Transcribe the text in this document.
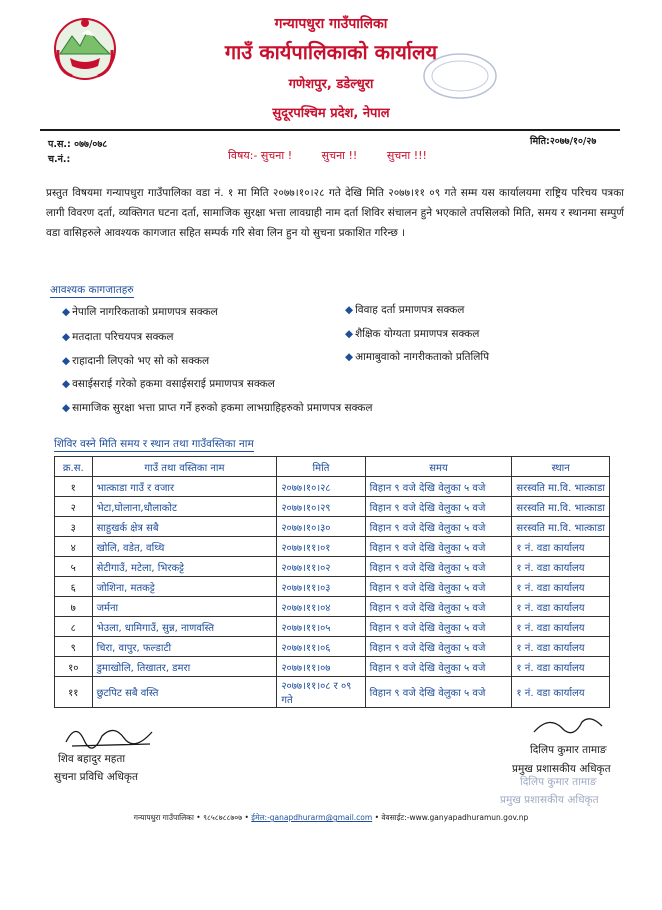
गन्यापधुरा गाउँपालिका
गाउँ कार्यपालिकाको कार्यालय
गणेशपुर, डडेल्धुरा
सुदूरपश्चिम प्रदेश, नेपाल
प.स.: ०७७/०७८
च.नं.:
मिति:२०७७/१०/२७
विषय:- सुचना !	सुचना !!	सुचना !!!
प्रस्तुत विषयमा गन्यापधुरा गाउँपालिका वडा नं. १ मा मिति २०७७।१०।२८ गते देखि मिति २०७७।११ ०९ गते सम्म यस कार्यालयमा राष्ट्रिय परिचय पत्रका लागी विवरण दर्ता, व्यक्तिगत घटना दर्ता, सामाजिक सुरक्षा भत्ता लावग्राही नाम दर्ता शिविर संचालन हुने भएकाले तपसिलको मिति, समय र स्थानमा सम्पुर्ण वडा वासिहरुले आवश्यक कागजात सहित सम्पर्क गरि सेवा लिन हुन यो सुचना प्रकाशित गरिन्छ ।
आवश्यक कागजातहरु
◆ नेपालि नागरिकताको प्रमाणपत्र सक्कल	◆ विवाह दर्ता प्रमाणपत्र सक्कल
◆ मतदाता परिचयपत्र सक्कल	◆ शैक्षिक योग्यता प्रमाणपत्र सक्कल
◆ राहादानी लिएको भए सो को सक्कल	◆ आमाबुवाको नागरीकताको प्रतिलिपि
◆ वसाईसराई गरेको हकमा वसाईसराई प्रमाणपत्र सक्कल
◆ सामाजिक सुरक्षा भत्ता प्राप्त गर्ने हरुको हकमा लाभग्राहिहरुको प्रमाणपत्र सक्कल
शिविर वस्ने मिति समय र स्थान तथा गाउँवस्तिका नाम
क्र.स.	गाउँ तथा वस्तिका नाम	मिति	समय	स्थान
१	भात्काडा गाउँ र वजार	२०७७।१०।२८	विहान ९ वजे देखि वेलुका ५ वजे	सरस्वति मा.वि. भात्काडा
२	भेटा,घोलाना,धौलाकोट	२०७७।१०।२९	विहान ९ वजे देखि वेलुका ५ वजे	सरस्वति मा.वि. भात्काडा
३	साहुखर्क क्षेत्र सबै	२०७७।१०।३०	विहान ९ वजे देखि वेलुका ५ वजे	सरस्वति मा.वि. भात्काडा
४	खोलि, वडेत, वथ्थि	२०७७।११।०१	विहान ९ वजे देखि वेलुका ५ वजे	१ नं. वडा कार्यालय
५	सेटीगाउँ, मटेला, भिरकट्टे	२०७७।११।०२	विहान ९ वजे देखि वेलुका ५ वजे	१ नं. वडा कार्यालय
६	जोशिना, मतकट्टे	२०७७।११।०३	विहान ९ वजे देखि वेलुका ५ वजे	१ नं. वडा कार्यालय
७	जर्मना	२०७७।११।०४	विहान ९ वजे देखि वेलुका ५ वजे	१ नं. वडा कार्यालय
८	भेउला, धामिगाउँ, सुन्न, नाणवस्ति	२०७७।११।०५	विहान ९ वजे देखि वेलुका ५ वजे	१ नं. वडा कार्यालय
९	चिरा, वापुर, फल्डाटी	२०७७।११।०६	विहान ९ वजे देखि वेलुका ५ वजे	१ नं. वडा कार्यालय
१०	डुमाखोलि, तिखातर, डमरा	२०७७।११।०७	विहान ९ वजे देखि वेलुका ५ वजे	१ नं. वडा कार्यालय
११	छुटपिट सबै वस्ति	२०७७।११।०८ र ०९ गते	विहान ९ वजे देखि वेलुका ५ वजे	१ नं. वडा कार्यालय
शिव बहादुर महता
सुचना प्रविधि अधिकृत
दिलिप कुमार तामाङ
प्रमुख प्रशासकीय अधिकृत
दिलिप कुमार तामाङ
प्रमुख प्रशासकीय अधिकृत
गन्यापधुरा गाउँपालिका • ९८५८७८८७०७ • ईमेल:-ganapdhurarm@gmail.com • वेवसाईट:-www.ganyapadhuramun.gov.np
